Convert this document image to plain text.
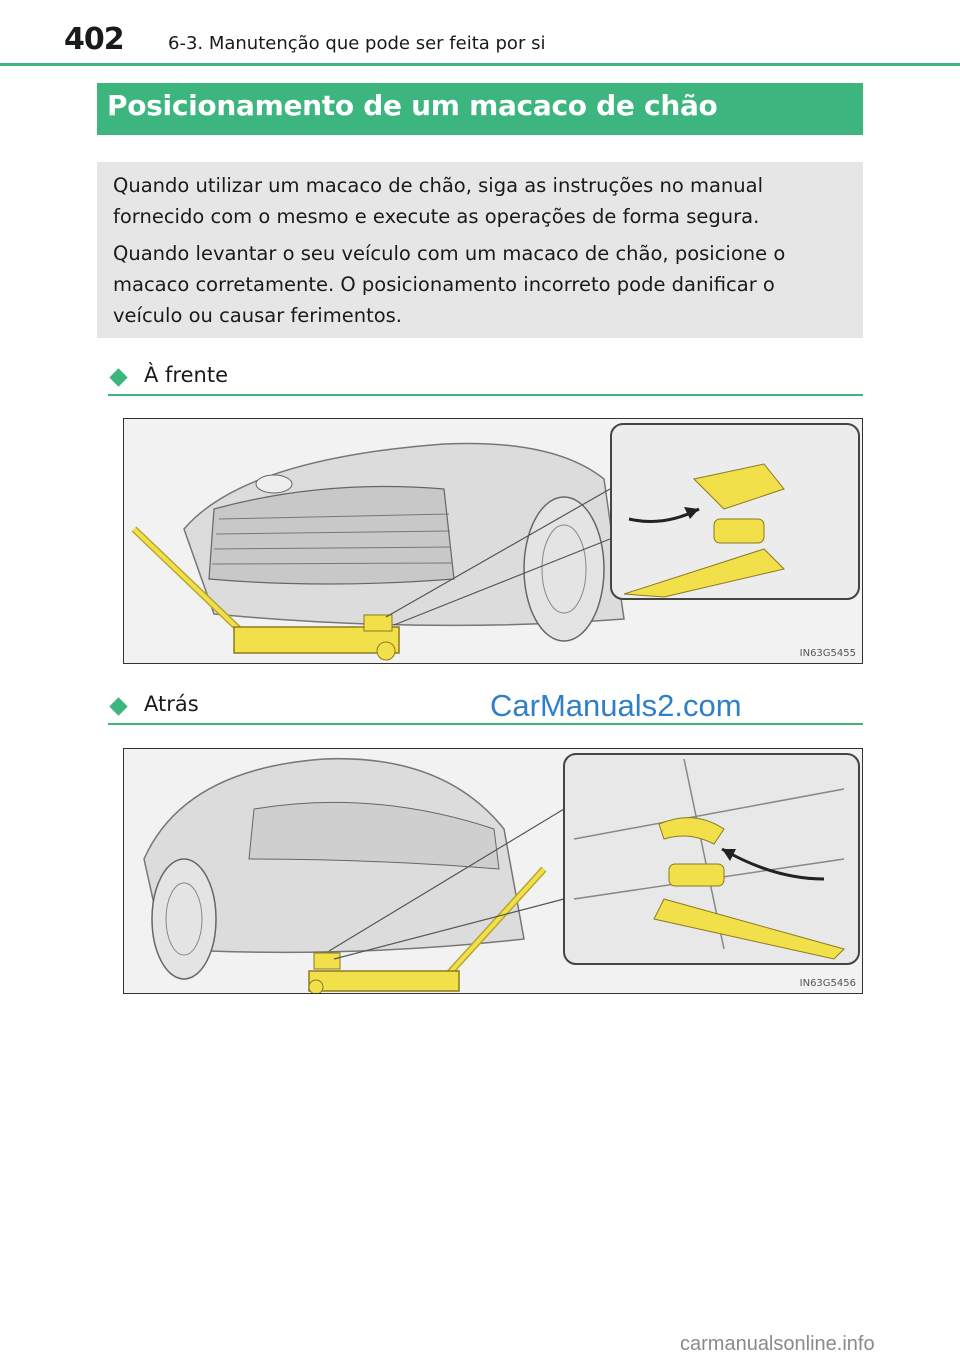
402 6-3. Manutenção que pode ser feita por si
Posicionamento de um macaco de chão

Quando utilizar um macaco de chão, siga as instruções no manual fornecido com o mesmo e execute as operações de forma segura.

Quando levantar o seu veículo com um macaco de chão, posicione o macaco corretamente. O posicionamento incorreto pode danificar o veículo ou causar ferimentos.

À frente
IN63G5455
Atrás	CarManuals2.com
IN63G5456
carmanualsonline.info
